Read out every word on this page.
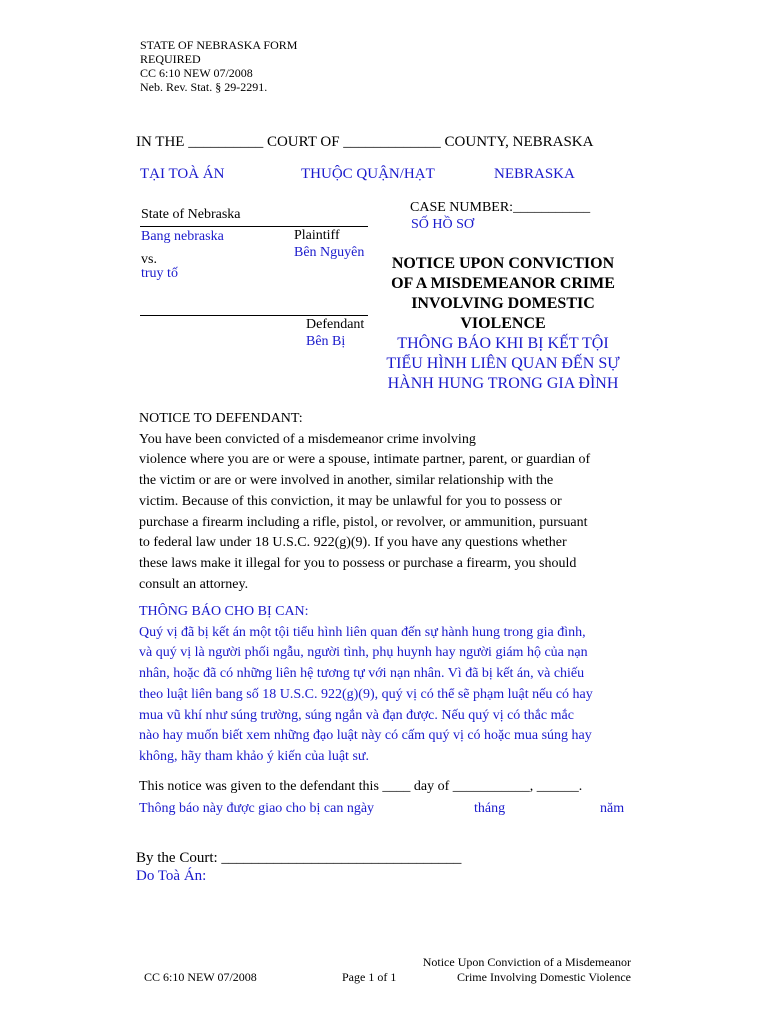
STATE OF NEBRASKA FORM
REQUIRED
CC 6:10 NEW 07/2008
Neb. Rev. Stat. § 29-2291.
IN THE __________ COURT OF _____________ COUNTY, NEBRASKA
TẠI TOÀ ÁN	THUỘC QUẬN/HẠT	NEBRASKA
State of Nebraska
Bang nebraska	Plaintiff
Bên Nguyên
vs.
truy tố
Defendant
Bên Bị
CASE NUMBER:___________
SỐ HỒ SƠ
NOTICE UPON CONVICTION
OF A MISDEMEANOR CRIME
INVOLVING DOMESTIC
VIOLENCE
THÔNG BÁO KHI BỊ KẾT TỘI
TIỂU HÌNH LIÊN QUAN ĐẾN SỰ
HÀNH HUNG TRONG GIA ĐÌNH
NOTICE TO DEFENDANT:
You have been convicted of a misdemeanor crime involving
violence where you are or were a spouse, intimate partner, parent, or guardian of
the victim or are or were involved in another, similar relationship with the
victim. Because of this conviction, it may be unlawful for you to possess or
purchase a firearm including a rifle, pistol, or revolver, or ammunition, pursuant
to federal law under 18 U.S.C. 922(g)(9). If you have any questions whether
these laws make it illegal for you to possess or purchase a firearm, you should
consult an attorney.
THÔNG BÁO CHO BỊ CAN:
Quý vị đã bị kết án một tội tiểu hình liên quan đến sự hành hung trong gia đình,
và quý vị là người phối ngẫu, người tình, phụ huynh hay người giám hộ của nạn
nhân, hoặc đã có những liên hệ tương tự với nạn nhân. Vì đã bị kết án, và chiếu
theo luật liên bang số 18 U.S.C. 922(g)(9), quý vị có thể sẽ phạm luật nếu có hay
mua vũ khí như súng trường, súng ngắn và đạn được. Nếu quý vị có thắc mắc
nào hay muốn biết xem những đạo luật này có cấm quý vị có hoặc mua súng hay
không, hãy tham khảo ý kiến của luật sư.
This notice was given to the defendant this ____ day of ___________, ______.
Thông báo này được giao cho bị can ngày	tháng	năm
By the Court: ________________________________
Do Toà Án:
CC 6:10 NEW 07/2008	Page 1 of 1
Notice Upon Conviction of a Misdemeanor
Crime Involving Domestic Violence
